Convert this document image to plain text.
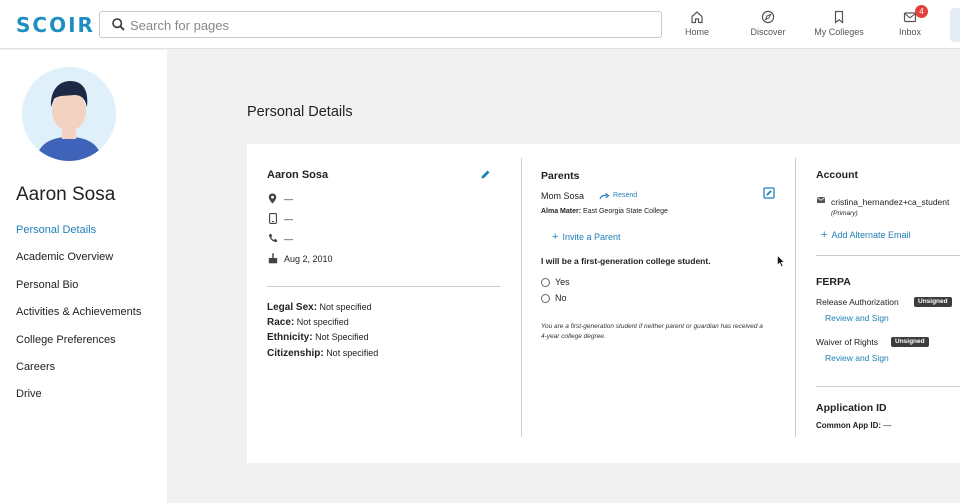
SCOIR
Search for pages	Home	Discover	My Colleges	Inbox
4
Aaron Sosa
Personal Details
Academic Overview
Personal Bio
Activities & Achievements
College Preferences
Careers
Drive
Personal Details
Aaron Sosa
—
—
—
Aug 2, 2010
Legal Sex: Not specified
Race: Not specified
Ethnicity: Not Specified
Citizenship: Not specified
Parents
Mom Sosa	Resend
Alma Mater: East Georgia State College
+ Invite a Parent
I will be a first-generation college student.
Yes
No
You are a first-generation student if neither parent or guardian has received a 4-year college degree.
Account
cristina_hernandez+ca_student
(Primary)
+ Add Alternate Email
FERPA
Release Authorization	Unsigned
Review and Sign
Waiver of Rights	Unsigned
Review and Sign
Application ID
Common App ID: —
